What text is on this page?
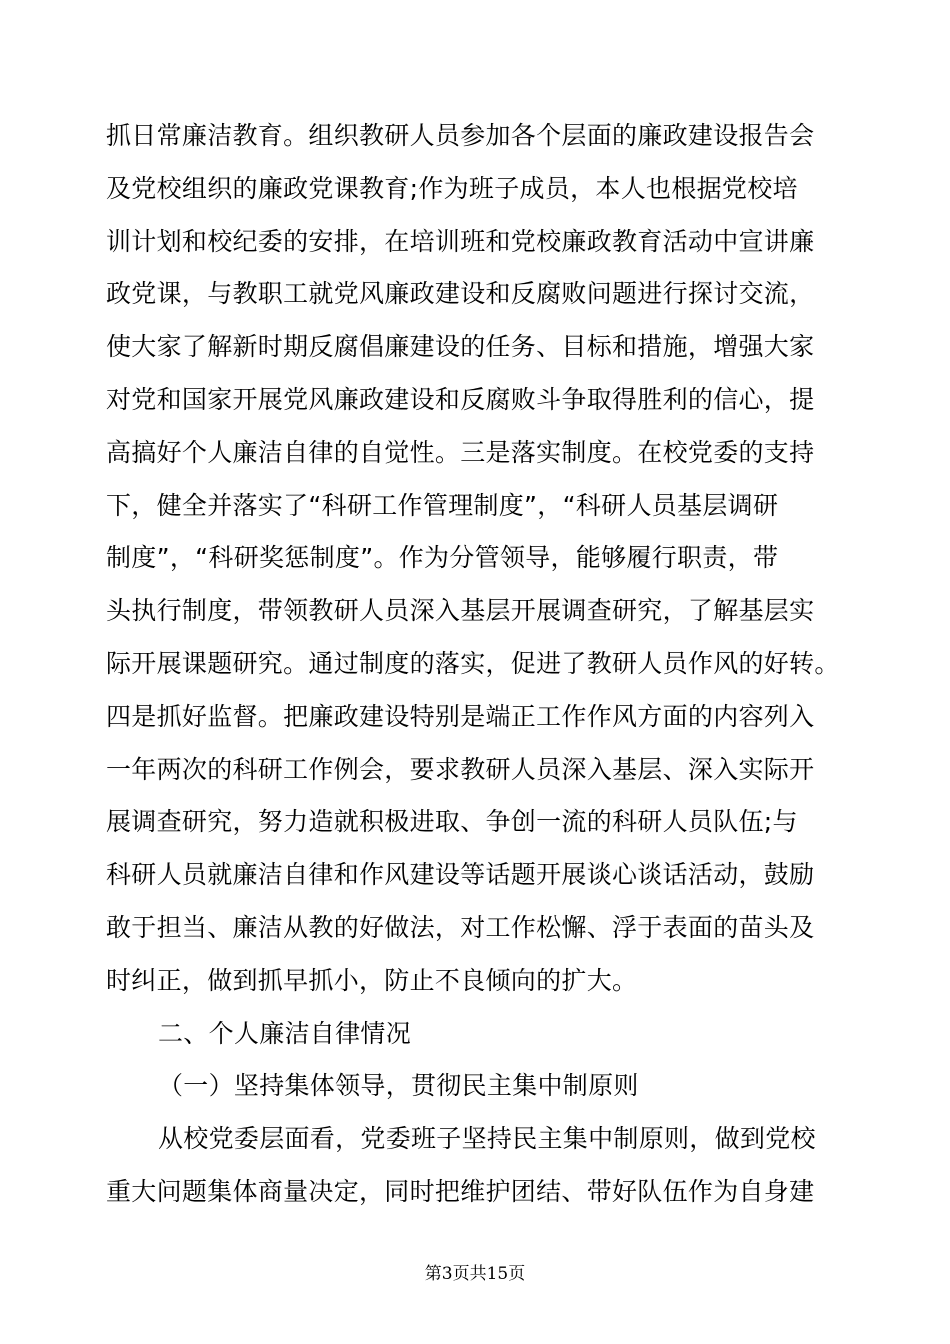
抓日常廉洁教育。组织教研人员参加各个层面的廉政建设报告会
及党校组织的廉政党课教育;作为班子成员，本人也根据党校培
训计划和校纪委的安排，在培训班和党校廉政教育活动中宣讲廉
政党课，与教职工就党风廉政建设和反腐败问题进行探讨交流，
使大家了解新时期反腐倡廉建设的任务、目标和措施，增强大家
对党和国家开展党风廉政建设和反腐败斗争取得胜利的信心，提
高搞好个人廉洁自律的自觉性。三是落实制度。在校党委的支持
下，健全并落实了“科研工作管理制度”，“科研人员基层调研
制度”，“科研奖惩制度”。作为分管领导，能够履行职责，带
头执行制度，带领教研人员深入基层开展调查研究，了解基层实
际开展课题研究。通过制度的落实，促进了教研人员作风的好转。
四是抓好监督。把廉政建设特别是端正工作作风方面的内容列入
一年两次的科研工作例会，要求教研人员深入基层、深入实际开
展调查研究，努力造就积极进取、争创一流的科研人员队伍;与
科研人员就廉洁自律和作风建设等话题开展谈心谈话活动，鼓励
敢于担当、廉洁从教的好做法，对工作松懈、浮于表面的苗头及
时纠正，做到抓早抓小，防止不良倾向的扩大。
二、个人廉洁自律情况
（一）坚持集体领导，贯彻民主集中制原则
从校党委层面看，党委班子坚持民主集中制原则，做到党校
重大问题集体商量决定，同时把维护团结、带好队伍作为自身建
第3页共15页
